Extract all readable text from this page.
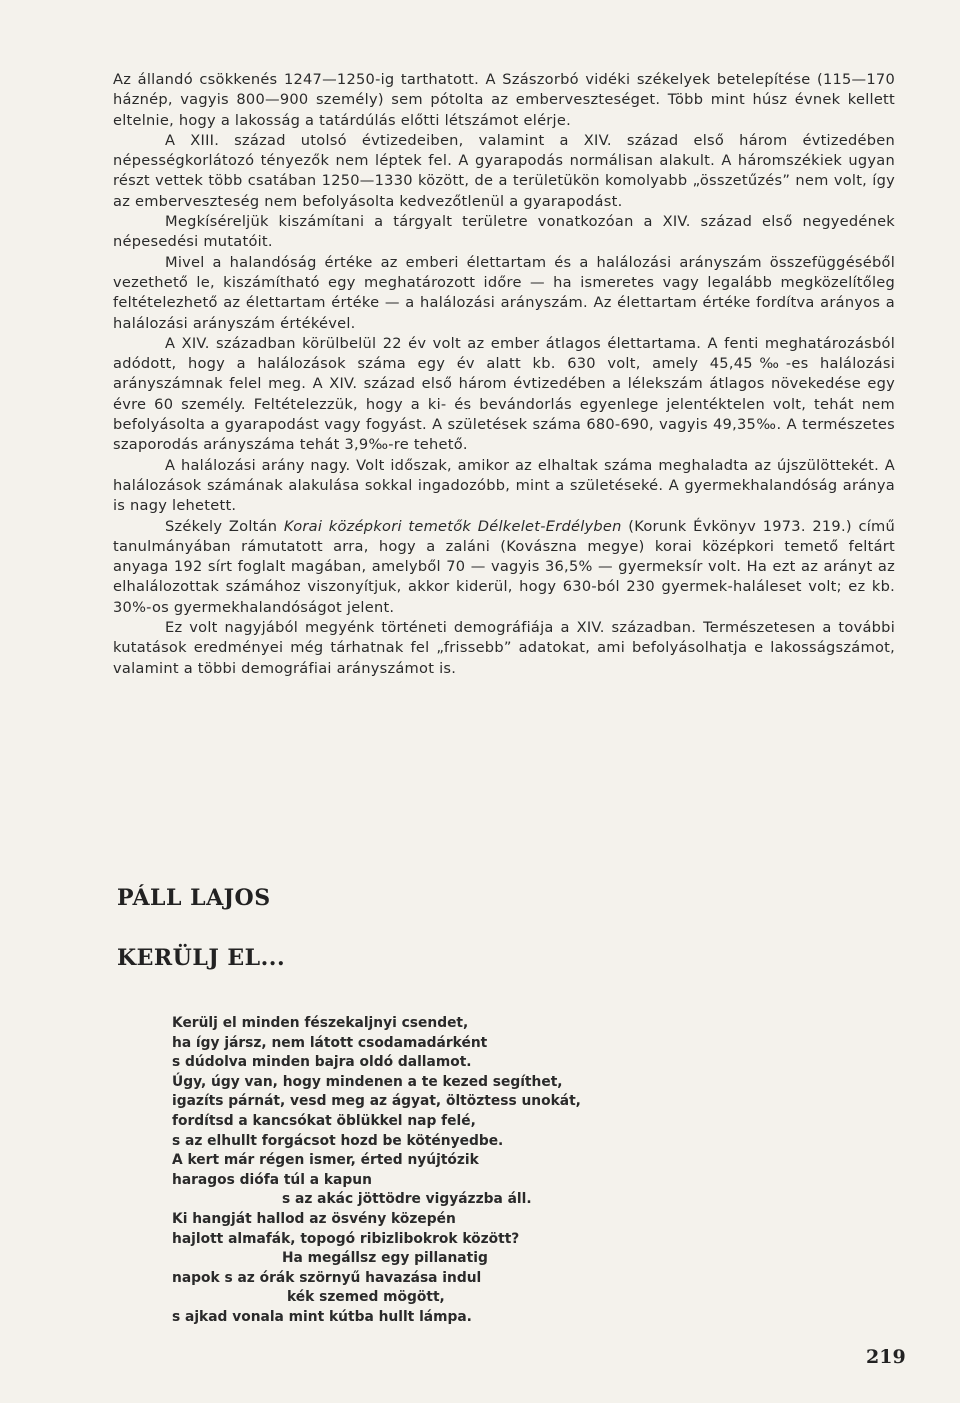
Az állandó csökkenés 1247—1250-ig tarthatott. A Szászorbó vidéki székelyek betelepítése (115—170 háznép, vagyis 800—900 személy) sem pótolta az emberveszteséget. Több mint húsz évnek kellett eltelnie, hogy a lakosság a tatárdúlás előtti létszámot elérje.

A XIII. század utolsó évtizedeiben, valamint a XIV. század első három évtizedében népességkorlátozó tényezők nem léptek fel. A gyarapodás normálisan alakult. A háromszékiek ugyan részt vettek több csatában 1250—1330 között, de a területükön komolyabb „összetűzés” nem volt, így az emberveszteség nem befolyásolta kedvezőtlenül a gyarapodást.

Megkíséreljük kiszámítani a tárgyalt területre vonatkozóan a XIV. század első negyedének népesedési mutatóit.

Mivel a halandóság értéke az emberi élettartam és a halálozási arányszám összefüggéséből vezethető le, kiszámítható egy meghatározott időre — ha ismeretes vagy legalább megközelítőleg feltételezhető az élettartam értéke — a halálozási arányszám. Az élettartam értéke fordítva arányos a halálozási arányszám értékével.

A XIV. században körülbelül 22 év volt az ember átlagos élettartama. A fenti meghatározásból adódott, hogy a halálozások száma egy év alatt kb. 630 volt, amely 45,45‰-es halálozási arányszámnak felel meg. A XIV. század első három évtizedében a lélekszám átlagos növekedése egy évre 60 személy. Feltételezzük, hogy a ki- és bevándorlás egyenlege jelentéktelen volt, tehát nem befolyásolta a gyarapodást vagy fogyást. A születések száma 680-690, vagyis 49,35‰. A természetes szaporodás arányszáma tehát 3,9‰-re tehető.

A halálozási arány nagy. Volt időszak, amikor az elhaltak száma meghaladta az újszülöttekét. A halálozások számának alakulása sokkal ingadozóbb, mint a születéseké. A gyermekhalandóság aránya is nagy lehetett.

Székely Zoltán Korai középkori temetők Délkelet-Erdélyben (Korunk Évkönyv 1973. 219.) című tanulmányában rámutatott arra, hogy a zaláni (Kovászna megye) korai középkori temető feltárt anyaga 192 sírt foglalt magában, amelyből 70 — vagyis 36,5% — gyermeksír volt. Ha ezt az arányt az elhalálozottak számához viszonyítjuk, akkor kiderül, hogy 630-ból 230 gyermek-haláleset volt; ez kb. 30%-os gyermekhalandóságot jelent.

Ez volt nagyjából megyénk történeti demográfiája a XIV. században. Természetesen a további kutatások eredményei még tárhatnak fel „frissebb” adatokat, ami befolyásolhatja e lakosságszámot, valamint a többi demográfiai arányszámot is.

PÁLL LAJOS
KERÜLJ EL...
Kerülj el minden fészekaljnyi csendet,
ha így jársz, nem látott csodamadárként
s dúdolva minden bajra oldó dallamot.
Úgy, úgy van, hogy mindenen a te kezed segíthet,
igazíts párnát, vesd meg az ágyat, öltöztess unokát,
fordítsd a kancsókat öblükkel nap felé,
s az elhullt forgácsot hozd be kötényedbe.
A kert már régen ismer, érted nyújtózik
haragos diófa túl a kapun
s az akác jöttödre vigyázzba áll.
Ki hangját hallod az ösvény közepén
hajlott almafák, topogó ribizlibokrok között?
Ha megállsz egy pillanatig
napok s az órák szörnyű havazása indul
kék szemed mögött,
s ajkad vonala mint kútba hullt lámpa.
219
